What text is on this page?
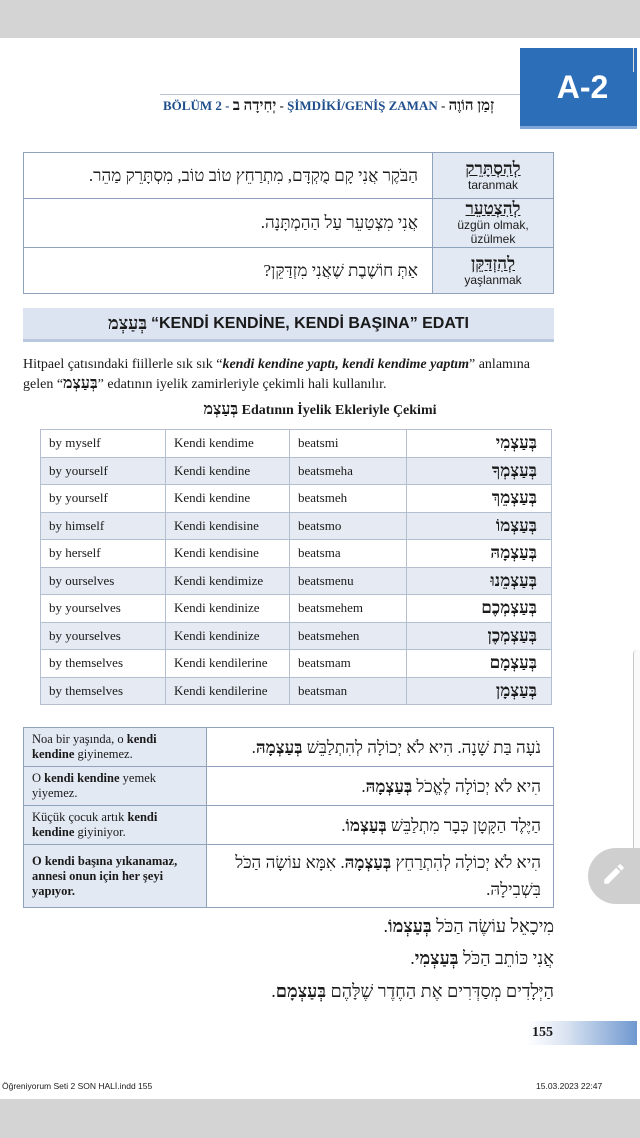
BÖLÜM 2 - יְחִידָה ב - ŞİMDİKİ/GENİŞ ZAMAN - זְמַן הוֹוֶה
A-2
הַבֹּקֶר אֲנִי קָם מֻקְדָּם, מִתְרַחֵץ טוֹב טוֹב, מִסְתָּרֵק מַהֵר.	לְהִסְתָּרֵק
taranmak

אֲנִי מִצְטַעֵר עַל הַהַמְתָּנָה.	לְהִצְטַעֵר
üzgün olmak, üzülmek

אַתְּ חוֹשֶׁבֶת שֶׁאֲנִי מִזְדַּקֵּן?	לְהִזְדַּקֵּן
yaşlanmak
בְּעַצְמ “KENDİ KENDİNE, KENDİ BAŞINA” EDATI
Hitpael çatısındaki fiillerle sık sık “kendi kendine yaptı, kendi kendime yaptım” anlamına gelen “בְּעַצְמ” edatının iyelik zamirleriyle çekimli hali kullanılır.
בְּעַצְמ Edatının İyelik Ekleriyle Çekimi
by myself	Kendi kendime	beatsmi	בְּעַצְמִי
by yourself	Kendi kendine	beatsmeha	בְּעַצְמְךָ
by yourself	Kendi kendine	beatsmeh	בְּעַצְמֵךְ
by himself	Kendi kendisine	beatsmo	בְּעַצְמוֹ
by herself	Kendi kendisine	beatsma	בְּעַצְמָהּ
by ourselves	Kendi kendimize	beatsmenu	בְּעַצְמֵנוּ
by yourselves	Kendi kendinize	beatsmehem	בְּעַצְמְכֶם
by yourselves	Kendi kendinize	beatsmehen	בְּעַצְמְכֶן
by themselves	Kendi kendilerine	beatsmam	בְּעַצְמָם
by themselves	Kendi kendilerine	beatsman	בְּעַצְמָן
Noa bir yaşında, o kendi kendine giyinemez.	נֹעָה בַּת שָׁנָה. הִיא לֹא יְכוֹלָה לְהִתְלַבֵּשׁ בְּעַצְמָהּ.
O kendi kendine yemek yiyemez.	הִיא לֹא יְכוֹלָה לֶאֱכֹל בְּעַצְמָהּ.
Küçük çocuk artık kendi kendine giyiniyor.	הַיֶּלֶד הַקָּטָן כְּבָר מִתְלַבֵּשׁ בְּעַצְמוֹ.
O kendi başına yıkanamaz, annesi onun için her şeyi yapıyor.	הִיא לֹא יְכוֹלָה לְהִתְרַחֵץ בְּעַצְמָהּ. אִמָּא עוֹשָׂה הַכֹּל בִּשְׁבִילָהּ.
מִיכָאֵל עוֹשֶׂה הַכֹּל בְּעַצְמוֹ.
אֲנִי כּוֹתֵב הַכֹּל בְּעַצְמִי.
הַיְּלָדִים מְסַדְּרִים אֶת הַחֶדֶר שֶׁלָּהֶם בְּעַצְמָם.
155
Öğreniyorum Seti 2 SON HALİ.indd 155	15.03.2023 22:47
